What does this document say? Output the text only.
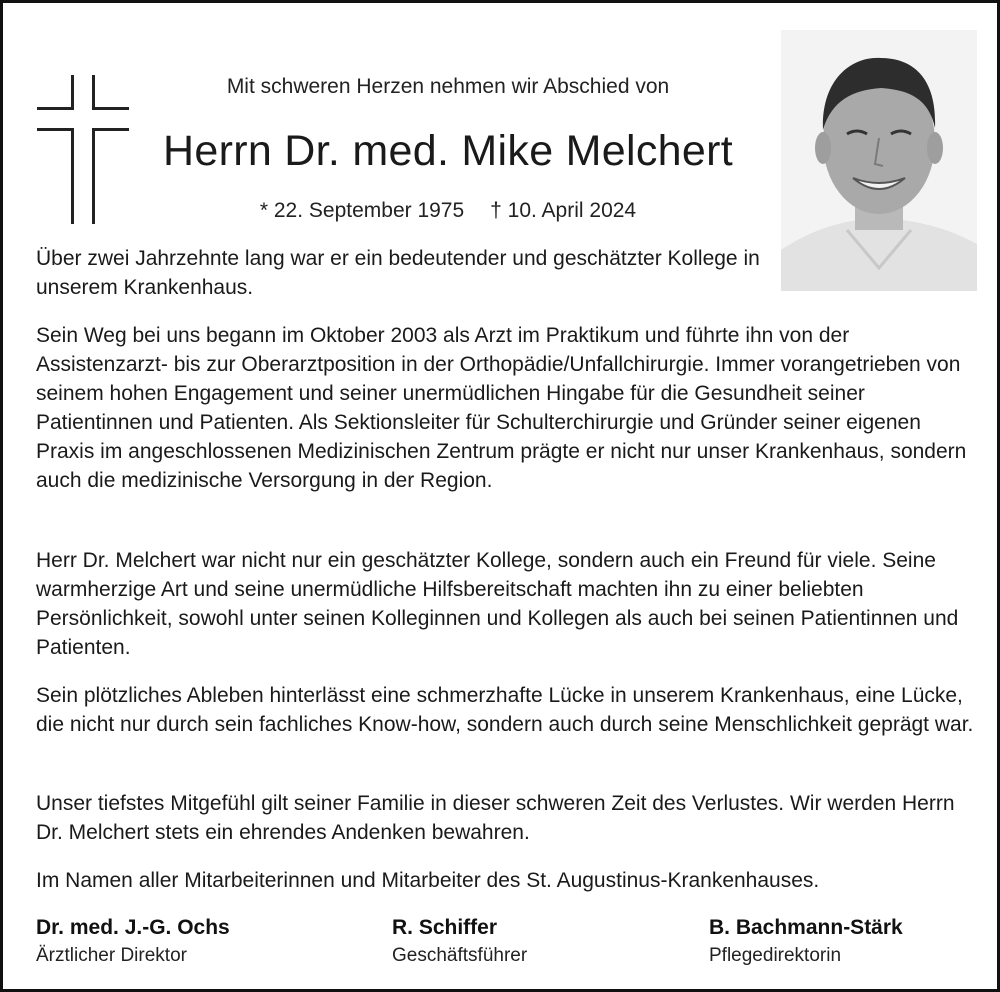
Mit schweren Herzen nehmen wir Abschied von
Herrn Dr. med. Mike Melchert
* 22. September 1975 † 10. April 2024

Über zwei Jahrzehnte lang war er ein bedeutender und geschätzter Kollege in unserem Krankenhaus.

Sein Weg bei uns begann im Oktober 2003 als Arzt im Praktikum und führte ihn von der Assistenzarzt- bis zur Oberarztposition in der Orthopädie/Unfallchirurgie. Immer vorangetrieben von seinem hohen Engagement und seiner unermüdlichen Hingabe für die Gesundheit seiner Patientinnen und Patienten. Als Sektionsleiter für Schulterchirurgie und Gründer seiner eigenen Praxis im angeschlossenen Medizinischen Zentrum prägte er nicht nur unser Krankenhaus, sondern auch die medizinische Versorgung in der Region.

Herr Dr. Melchert war nicht nur ein geschätzter Kollege, sondern auch ein Freund für viele. Seine warmherzige Art und seine unermüdliche Hilfsbereitschaft machten ihn zu einer beliebten Persönlichkeit, sowohl unter seinen Kolleginnen und Kollegen als auch bei seinen Patientinnen und Patienten.

Sein plötzliches Ableben hinterlässt eine schmerzhafte Lücke in unserem Krankenhaus, eine Lücke, die nicht nur durch sein fachliches Know-how, sondern auch durch seine Menschlichkeit geprägt war.

Unser tiefstes Mitgefühl gilt seiner Familie in dieser schweren Zeit des Verlustes. Wir werden Herrn Dr. Melchert stets ein ehrendes Andenken bewahren.

Im Namen aller Mitarbeiterinnen und Mitarbeiter des St. Augustinus-Krankenhauses.

Dr. med. J.-G. Ochs
Ärztlicher Direktor
R. Schiffer
Geschäftsführer
B. Bachmann-Stärk
Pflegedirektorin
